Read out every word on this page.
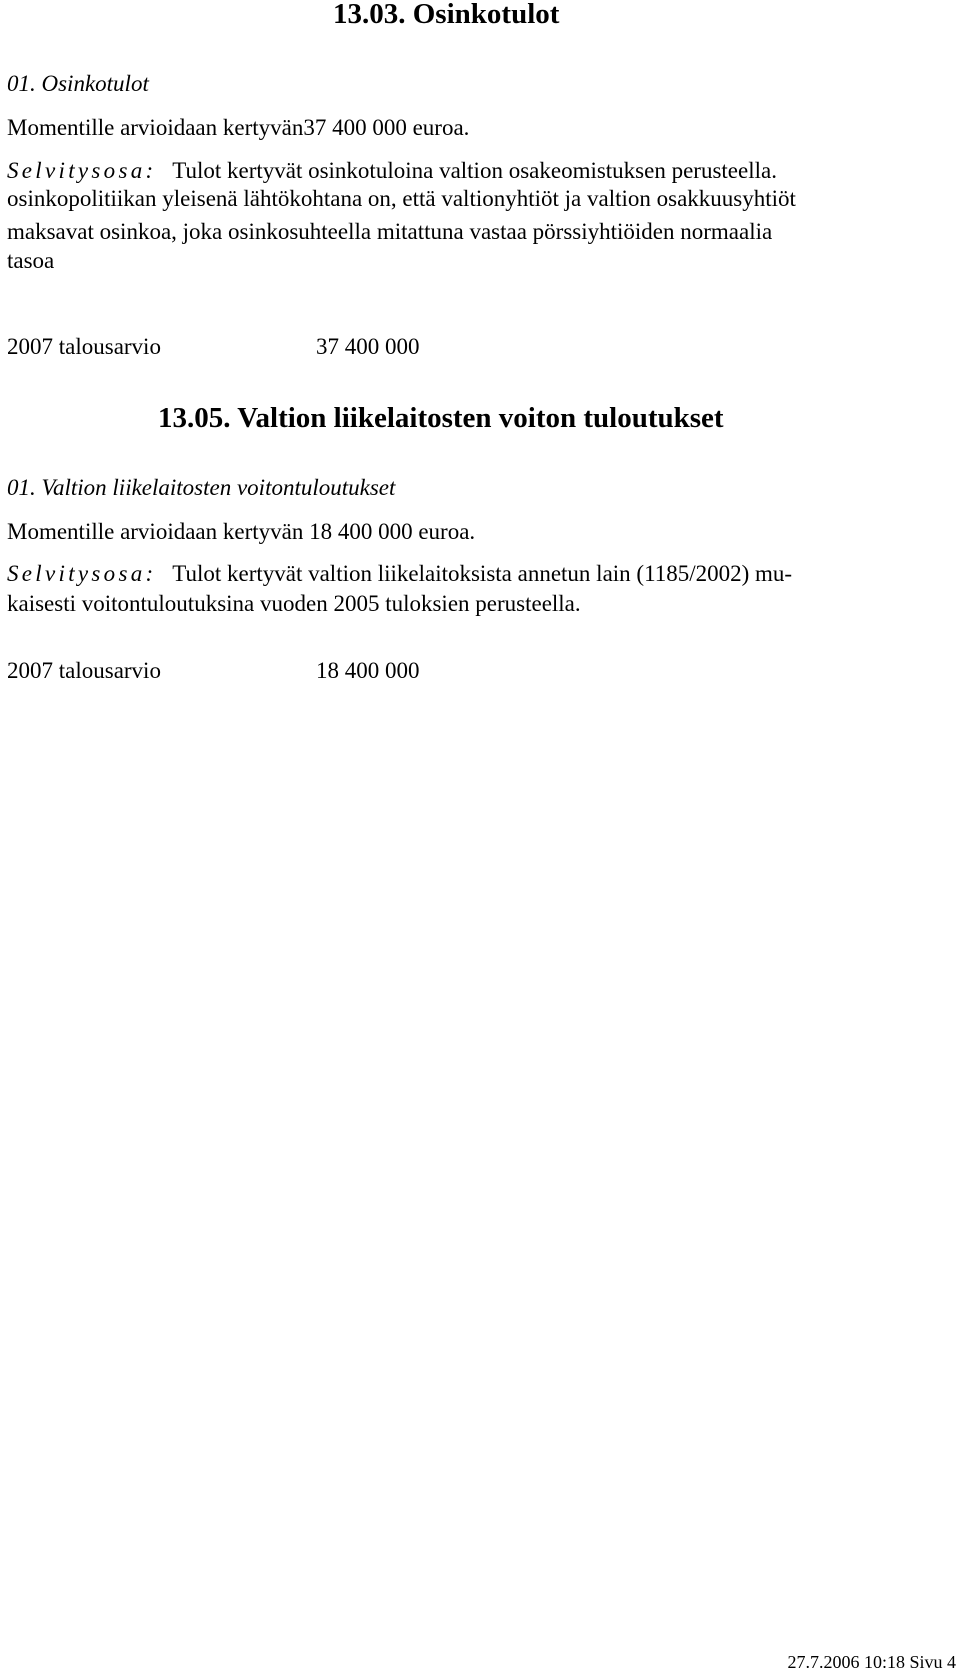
13.03. Osinkotulot
01. Osinkotulot
Momentille arvioidaan kertyvän37 400 000 euroa.
Selvitysosa: Tulot kertyvät osinkotuloina valtion osakeomistuksen perusteella.
osinkopolitiikan yleisenä lähtökohtana on, että valtionyhtiöt ja valtion osakkuusyhtiöt
maksavat osinkoa, joka osinkosuhteella mitattuna vastaa pörssiyhtiöiden normaalia
tasoa
2007 talousarvio	37 400 000
13.05. Valtion liikelaitosten voiton tuloutukset
01. Valtion liikelaitosten voitontuloutukset
Momentille arvioidaan kertyvän 18 400 000 euroa.
Selvitysosa: Tulot kertyvät valtion liikelaitoksista annetun lain (1185/2002) mu-
kaisesti voitontuloutuksina vuoden 2005 tuloksien perusteella.
2007 talousarvio	18 400 000
27.7.2006 10:18 Sivu 4
